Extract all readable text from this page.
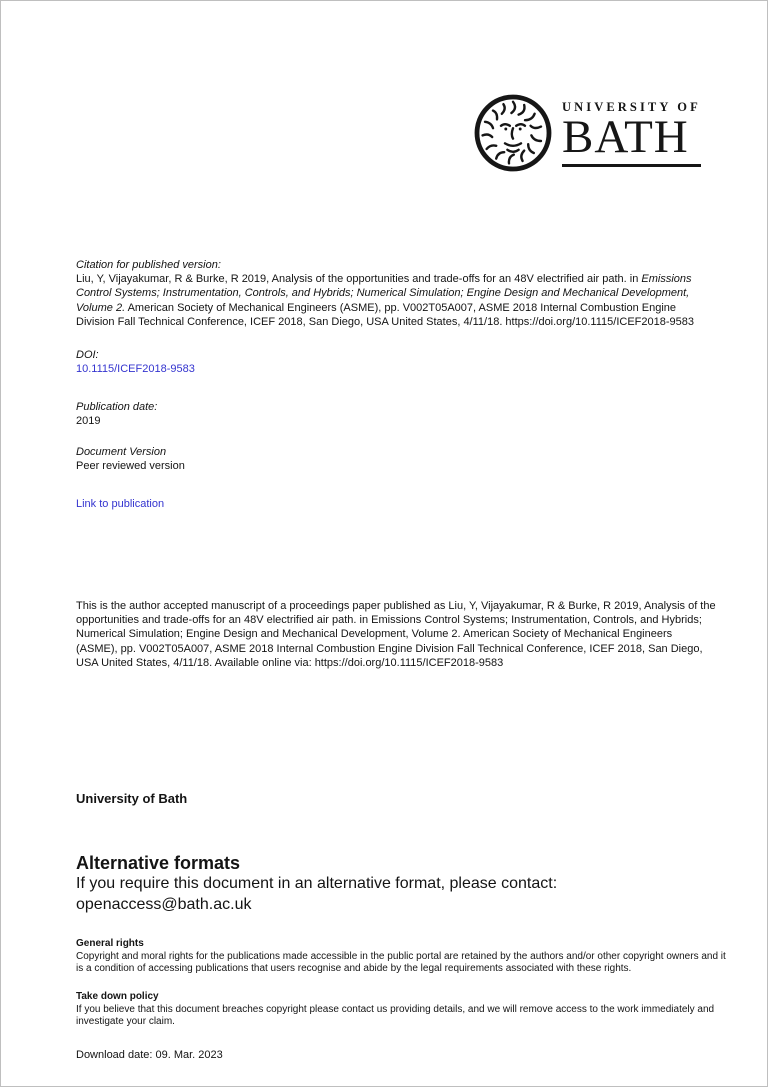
UNIVERSITY OF
BATH
Citation for published version:
Liu, Y, Vijayakumar, R & Burke, R 2019, Analysis of the opportunities and trade-offs for an 48V electrified air path. in Emissions Control Systems; Instrumentation, Controls, and Hybrids; Numerical Simulation; Engine Design and Mechanical Development, Volume 2. American Society of Mechanical Engineers (ASME), pp. V002T05A007, ASME 2018 Internal Combustion Engine Division Fall Technical Conference, ICEF 2018, San Diego, USA United States, 4/11/18. https://doi.org/10.1115/ICEF2018-9583
DOI:
10.1115/ICEF2018-9583
Publication date:
2019
Document Version
Peer reviewed version
Link to publication
This is the author accepted manuscript of a proceedings paper published as Liu, Y, Vijayakumar, R & Burke, R 2019, Analysis of the opportunities and trade-offs for an 48V electrified air path. in Emissions Control Systems; Instrumentation, Controls, and Hybrids; Numerical Simulation; Engine Design and Mechanical Development, Volume 2. American Society of Mechanical Engineers (ASME), pp. V002T05A007, ASME 2018 Internal Combustion Engine Division Fall Technical Conference, ICEF 2018, San Diego, USA United States, 4/11/18. Available online via: https://doi.org/10.1115/ICEF2018-9583
University of Bath
Alternative formats
If you require this document in an alternative format, please contact:
openaccess@bath.ac.uk
General rights
Copyright and moral rights for the publications made accessible in the public portal are retained by the authors and/or other copyright owners and it is a condition of accessing publications that users recognise and abide by the legal requirements associated with these rights.
Take down policy
If you believe that this document breaches copyright please contact us providing details, and we will remove access to the work immediately and investigate your claim.
Download date: 09. Mar. 2023
